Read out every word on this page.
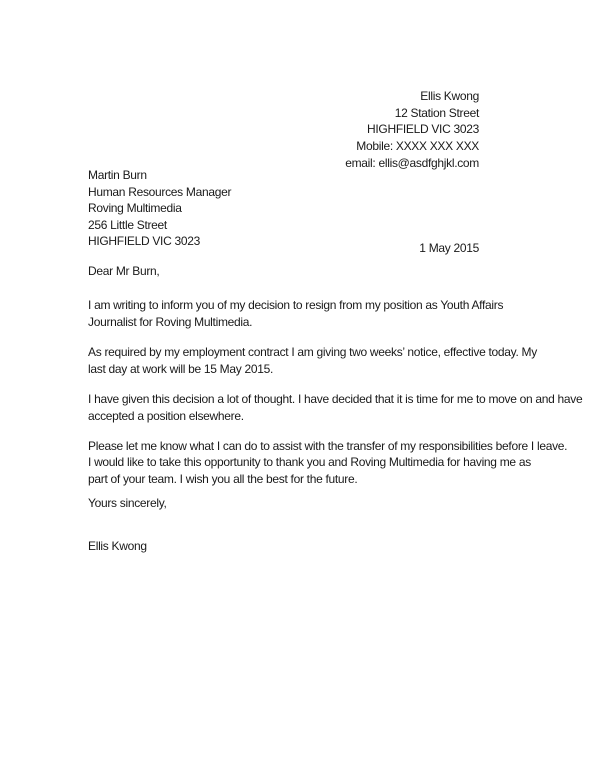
Ellis Kwong
12 Station Street
HIGHFIELD VIC 3023
Mobile: XXXX XXX XXX
email: ellis@asdfghjkl.com
Martin Burn
Human Resources Manager
Roving Multimedia
256 Little Street
HIGHFIELD VIC 3023	1 May 2015
Dear Mr Burn,
I am writing to inform you of my decision to resign from my position as Youth Affairs
Journalist for Roving Multimedia.
As required by my employment contract I am giving two weeks’ notice, effective today. My
last day at work will be 15 May 2015.
I have given this decision a lot of thought. I have decided that it is time for me to move on and have
accepted a position elsewhere.
Please let me know what I can do to assist with the transfer of my responsibilities before I leave.
I would like to take this opportunity to thank you and Roving Multimedia for having me as
part of your team. I wish you all the best for the future.
Yours sincerely,
Ellis Kwong
